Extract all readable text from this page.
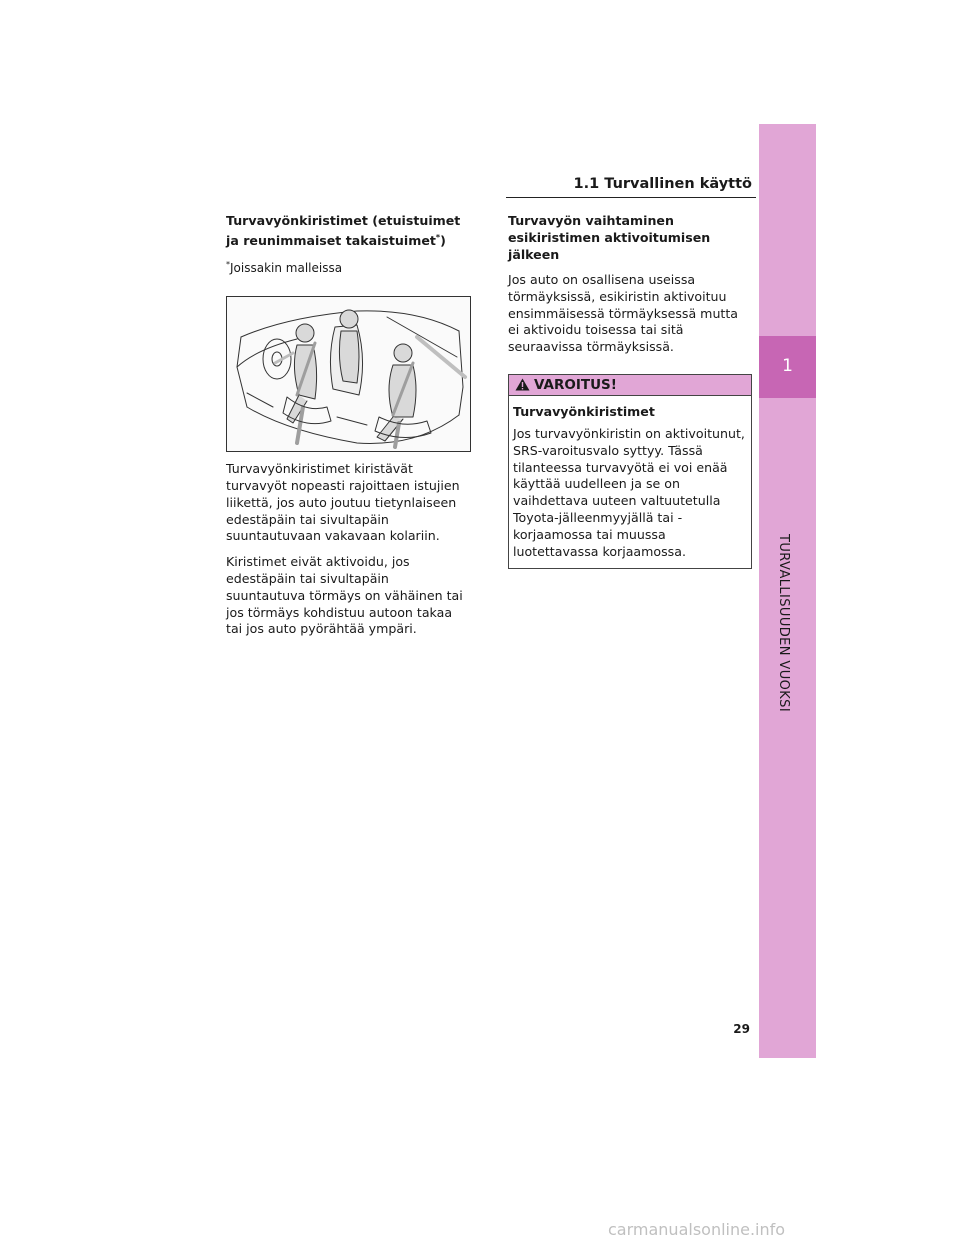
1.1 Turvallinen käyttö
1
TURVALLISUUDEN VUOKSI

Turvavyönkiristimet (etuistuimet ja reunimmaiset takaistuimet*)

*Joissakin malleissa

Turvavyönkiristimet kiristävät turvavyöt nopeasti rajoittaen istujien liikettä, jos auto joutuu tietynlaiseen edestäpäin tai sivultapäin suuntautuvaan vakavaan kolariin.

Kiristimet eivät aktivoidu, jos edestäpäin tai sivultapäin suuntautuva törmäys on vähäinen tai jos törmäys kohdistuu autoon takaa tai jos auto pyörähtää ympäri.

Turvavyön vaihtaminen esikiristimen aktivoitumisen jälkeen

Jos auto on osallisena useissa törmäyksissä, esikiristin aktivoituu ensimmäisessä törmäyksessä mutta ei aktivoidu toisessa tai sitä seuraavissa törmäyksissä.

VAROITUS!

Turvavyönkiristimet

Jos turvavyönkiristin on aktivoitunut, SRS-varoitusvalo syttyy. Tässä tilanteessa turvavyötä ei voi enää käyttää uudelleen ja se on vaihdettava uuteen valtuutetulla Toyota-jälleenmyyjällä tai -korjaamossa tai muussa luotettavassa korjaamossa.

29
carmanualsonline.info
